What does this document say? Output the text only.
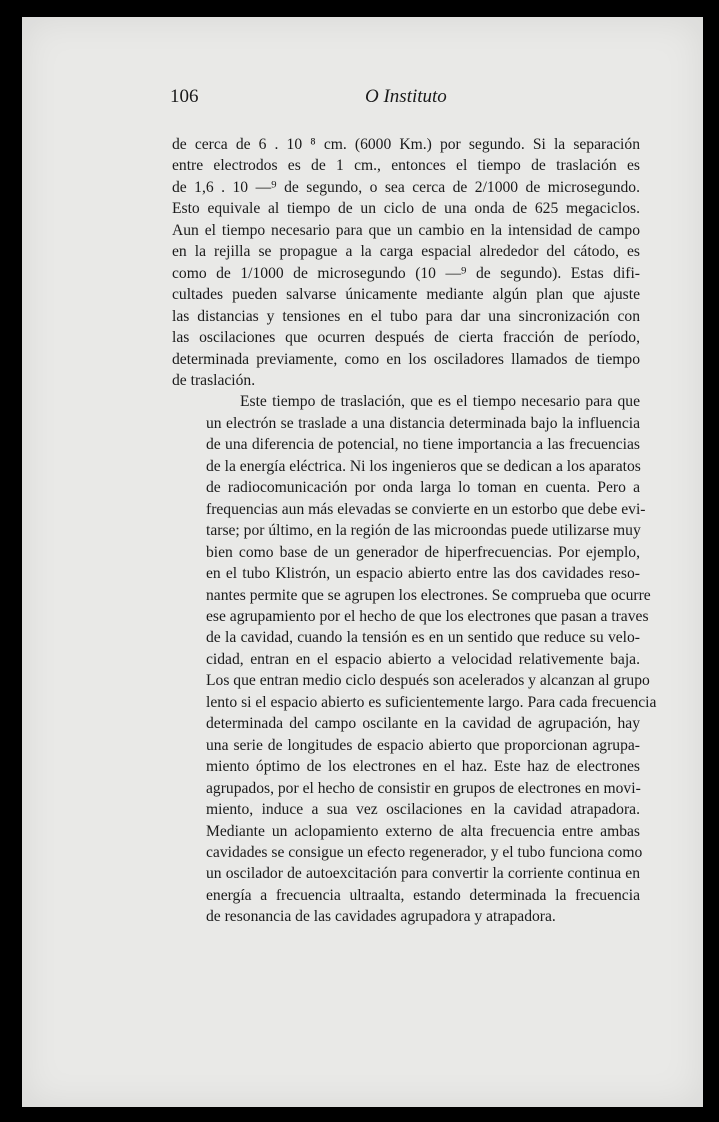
106	O Instituto

de cerca de 6 . 10 ⁸ cm. (6000 Km.) por segundo. Si la separación
entre electrodos es de 1 cm., entonces el tiempo de traslación es
de 1,6 . 10 —⁹ de segundo, o sea cerca de 2/1000 de microsegundo.
Esto equivale al tiempo de un ciclo de una onda de 625 megaciclos.
Aun el tiempo necesario para que un cambio en la intensidad de campo
en la rejilla se propague a la carga espacial alrededor del cátodo, es
como de 1/1000 de microsegundo (10 —⁹ de segundo). Estas difi-
cultades pueden salvarse únicamente mediante algún plan que ajuste
las distancias y tensiones en el tubo para dar una sincronización con
las oscilaciones que ocurren después de cierta fracción de período,
determinada previamente, como en los osciladores llamados de tiempo
de traslación.

Este tiempo de traslación, que es el tiempo necesario para que
un electrón se traslade a una distancia determinada bajo la influencia
de una diferencia de potencial, no tiene importancia a las frecuencias
de la energía eléctrica. Ni los ingenieros que se dedican a los aparatos
de radiocomunicación por onda larga lo toman en cuenta. Pero a
frequencias aun más elevadas se convierte en un estorbo que debe evi-
tarse; por último, en la región de las microondas puede utilizarse muy
bien como base de un generador de hiperfrecuencias. Por ejemplo,
en el tubo Klistrón, un espacio abierto entre las dos cavidades reso-
nantes permite que se agrupen los electrones. Se comprueba que ocurre
ese agrupamiento por el hecho de que los electrones que pasan a traves
de la cavidad, cuando la tensión es en un sentido que reduce su velo-
cidad, entran en el espacio abierto a velocidad relativemente baja.
Los que entran medio ciclo después son acelerados y alcanzan al grupo
lento si el espacio abierto es suficientemente largo. Para cada frecuencia
determinada del campo oscilante en la cavidad de agrupación, hay
una serie de longitudes de espacio abierto que proporcionan agrupa-
miento óptimo de los electrones en el haz. Este haz de electrones
agrupados, por el hecho de consistir en grupos de electrones en movi-
miento, induce a sua vez oscilaciones en la cavidad atrapadora.
Mediante un aclopamiento externo de alta frecuencia entre ambas
cavidades se consigue un efecto regenerador, y el tubo funciona como
un oscilador de autoexcitación para convertir la corriente continua en
energía a frecuencia ultraalta, estando determinada la frecuencia
de resonancia de las cavidades agrupadora y atrapadora.
